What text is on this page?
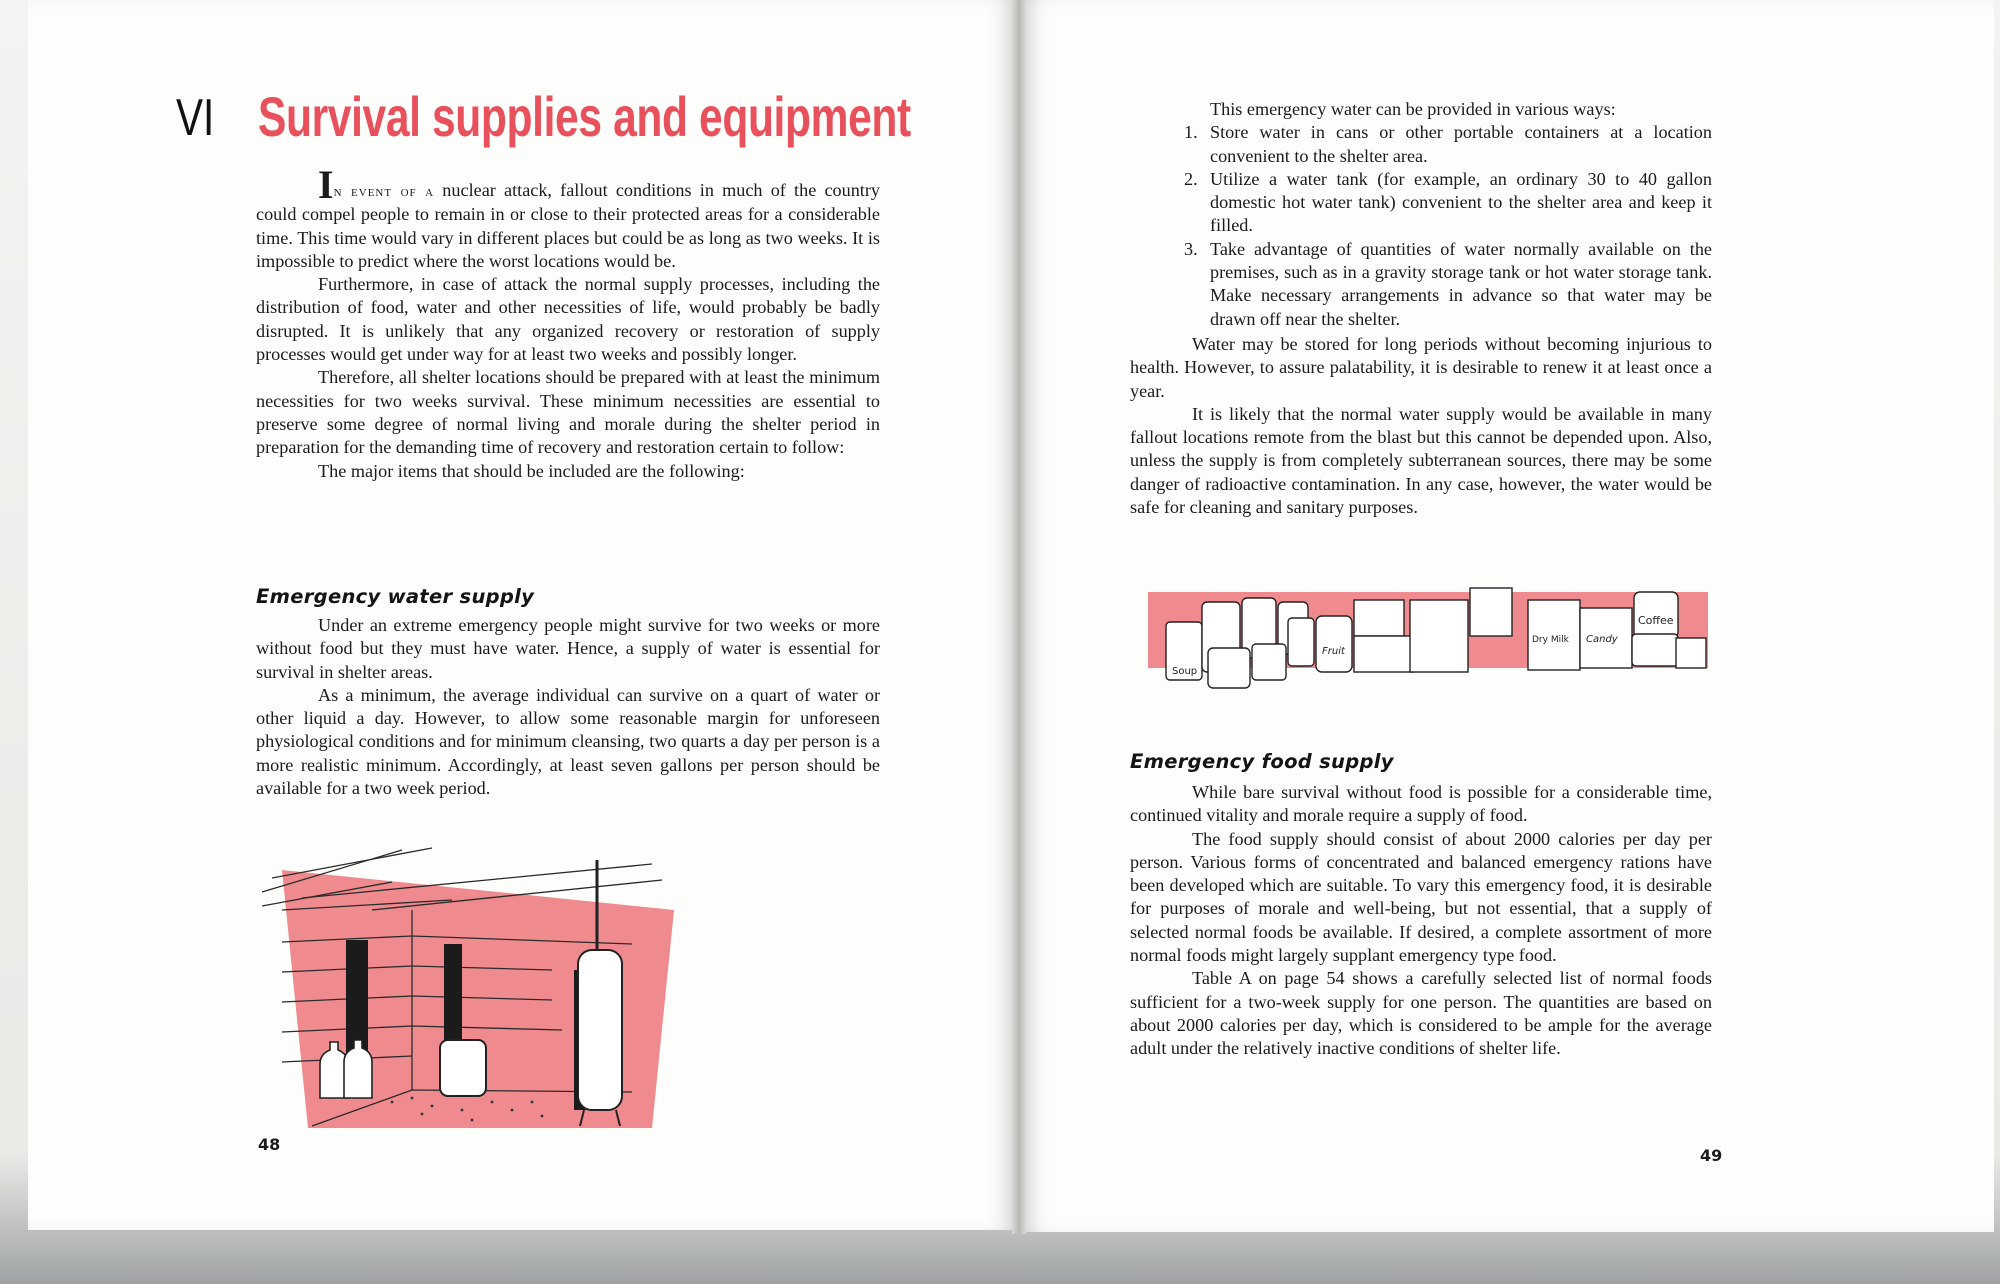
VI Survival supplies and equipment

In event of a nuclear attack, fallout conditions in much of the country could compel people to remain in or close to their protected areas for a considerable time. This time would vary in different places but could be as long as two weeks. It is impossible to predict where the worst locations would be.

Furthermore, in case of attack the normal supply processes, including the distribution of food, water and other necessities of life, would probably be badly disrupted. It is unlikely that any organized recovery or restoration of supply processes would get under way for at least two weeks and possibly longer.

Therefore, all shelter locations should be prepared with at least the minimum necessities for two weeks survival. These minimum necessities are essential to preserve some degree of normal living and morale during the shelter period in preparation for the demanding time of recovery and restoration certain to follow:

The major items that should be included are the following:

Emergency water supply

Under an extreme emergency people might survive for two weeks or more without food but they must have water. Hence, a supply of water is essential for survival in shelter areas.

As a minimum, the average individual can survive on a quart of water or other liquid a day. However, to allow some reasonable margin for unforeseen physiological conditions and for minimum cleansing, two quarts a day per person is a more realistic minimum. Accordingly, at least seven gallons per person should be available for a two week period.

48

This emergency water can be provided in various ways:

1. Store water in cans or other portable containers at a location convenient to the shelter area.

2. Utilize a water tank (for example, an ordinary 30 to 40 gallon domestic hot water tank) convenient to the shelter area and keep it filled.

3. Take advantage of quantities of water normally available on the premises, such as in a gravity storage tank or hot water storage tank. Make necessary arrangements in advance so that water may be drawn off near the shelter.

Water may be stored for long periods without becoming injurious to health. However, to assure palatability, it is desirable to renew it at least once a year.

It is likely that the normal water supply would be available in many fallout locations remote from the blast but this cannot be depended upon. Also, unless the supply is from completely subterranean sources, there may be some danger of radioactive contamination. In any case, however, the water would be safe for cleaning and sanitary purposes.

Soup
Fruit
Dry Milk Candy
Coffee
Emergency food supply

While bare survival without food is possible for a considerable time, continued vitality and morale require a supply of food.

The food supply should consist of about 2000 calories per day per person. Various forms of concentrated and balanced emergency rations have been developed which are suitable. To vary this emergency food, it is desirable for purposes of morale and well-being, but not essential, that a supply of selected normal foods be available. If desired, a complete assortment of more normal foods might largely supplant emergency type food.

Table A on page 54 shows a carefully selected list of normal foods sufficient for a two-week supply for one person. The quantities are based on about 2000 calories per day, which is considered to be ample for the average adult under the relatively inactive conditions of shelter life.

49
